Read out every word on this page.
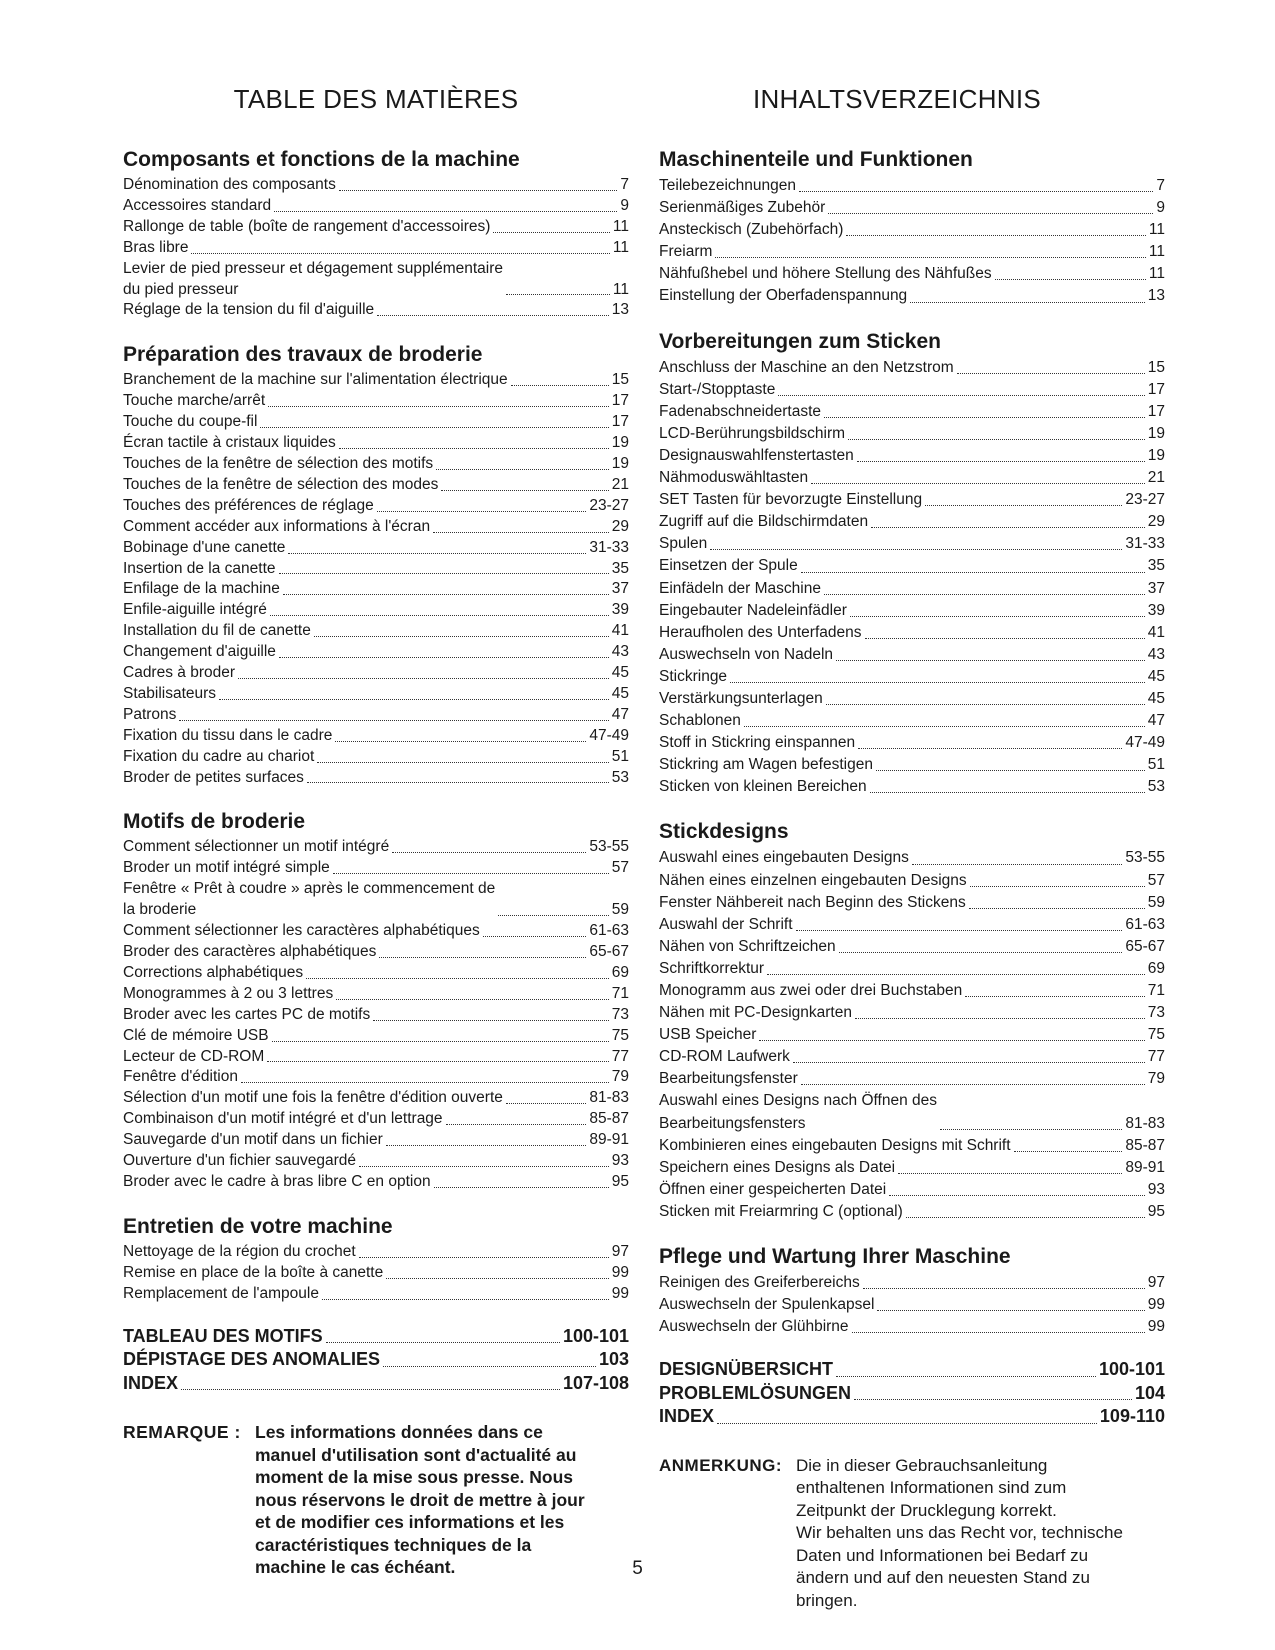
TABLE DES MATIÈRES
Composants et fonctions de la machine
Dénomination des composants	7
Accessoires standard	9
Rallonge de table (boîte de rangement d'accessoires)	11
Bras libre	11
Levier de pied presseur et dégagement supplémentaire
du pied presseur	11
Réglage de la tension du fil d'aiguille	13
Préparation des travaux de broderie
Branchement de la machine sur l'alimentation électrique	15
Touche marche/arrêt	17
Touche du coupe-fil	17
Écran tactile à cristaux liquides	19
Touches de la fenêtre de sélection des motifs	19
Touches de la fenêtre de sélection des modes	21
Touches des préférences de réglage	23-27
Comment accéder aux informations à l'écran	29
Bobinage d'une canette	31-33
Insertion de la canette	35
Enfilage de la machine	37
Enfile-aiguille intégré	39
Installation du fil de canette	41
Changement d'aiguille	43
Cadres à broder	45
Stabilisateurs	45
Patrons	47
Fixation du tissu dans le cadre	47-49
Fixation du cadre au chariot	51
Broder de petites surfaces	53
Motifs de broderie
Comment sélectionner un motif intégré	53-55
Broder un motif intégré simple	57
Fenêtre « Prêt à coudre » après le commencement de
la broderie	59
Comment sélectionner les caractères alphabétiques	61-63
Broder des caractères alphabétiques	65-67
Corrections alphabétiques	69
Monogrammes à 2 ou 3 lettres	71
Broder avec les cartes PC de motifs	73
Clé de mémoire USB	75
Lecteur de CD-ROM	77
Fenêtre d'édition	79
Sélection d'un motif une fois la fenêtre d'édition ouverte	81-83
Combinaison d'un motif intégré et d'un lettrage	85-87
Sauvegarde d'un motif dans un fichier	89-91
Ouverture d'un fichier sauvegardé	93
Broder avec le cadre à bras libre C en option	95
Entretien de votre machine
Nettoyage de la région du crochet	97
Remise en place de la boîte à canette	99
Remplacement de l'ampoule	99
TABLEAU DES MOTIFS	100-101
DÉPISTAGE DES ANOMALIES	103
INDEX	107-108
REMARQUE : Les informations données dans ce
manuel d'utilisation sont d'actualité au
moment de la mise sous presse. Nous
nous réservons le droit de mettre à jour
et de modifier ces informations et les
caractéristiques techniques de la
machine le cas échéant.
INHALTSVERZEICHNIS
Maschinenteile und Funktionen
Teilebezeichnungen	7
Serienmäßiges Zubehör	9
Ansteckisch (Zubehörfach)	11
Freiarm	11
Nähfußhebel und höhere Stellung des Nähfußes	11
Einstellung der Oberfadenspannung	13
Vorbereitungen zum Sticken
Anschluss der Maschine an den Netzstrom	15
Start-/Stopptaste	17
Fadenabschneidertaste	17
LCD-Berührungsbildschirm	19
Designauswahlfenstertasten	19
Nähmoduswähltasten	21
SET Tasten für bevorzugte Einstellung	23-27
Zugriff auf die Bildschirmdaten	29
Spulen	31-33
Einsetzen der Spule	35
Einfädeln der Maschine	37
Eingebauter Nadeleinfädler	39
Heraufholen des Unterfadens	41
Auswechseln von Nadeln	43
Stickringe	45
Verstärkungsunterlagen	45
Schablonen	47
Stoff in Stickring einspannen	47-49
Stickring am Wagen befestigen	51
Sticken von kleinen Bereichen	53
Stickdesigns
Auswahl eines eingebauten Designs	53-55
Nähen eines einzelnen eingebauten Designs	57
Fenster Nähbereit nach Beginn des Stickens	59
Auswahl der Schrift	61-63
Nähen von Schriftzeichen	65-67
Schriftkorrektur	69
Monogramm aus zwei oder drei Buchstaben	71
Nähen mit PC-Designkarten	73
USB Speicher	75
CD-ROM Laufwerk	77
Bearbeitungsfenster	79
Auswahl eines Designs nach Öffnen des
Bearbeitungsfensters	81-83
Kombinieren eines eingebauten Designs mit Schrift	85-87
Speichern eines Designs als Datei	89-91
Öffnen einer gespeicherten Datei	93
Sticken mit Freiarmring C (optional)	95
Pflege und Wartung Ihrer Maschine
Reinigen des Greiferbereichs	97
Auswechseln der Spulenkapsel	99
Auswechseln der Glühbirne	99
DESIGNÜBERSICHT	100-101
PROBLEMLÖSUNGEN	104
INDEX	109-110
ANMERKUNG: Die in dieser Gebrauchsanleitung
enthaltenen Informationen sind zum
Zeitpunkt der Drucklegung korrekt.
Wir behalten uns das Recht vor, technische
Daten und Informationen bei Bedarf zu
ändern und auf den neuesten Stand zu
bringen.
5
